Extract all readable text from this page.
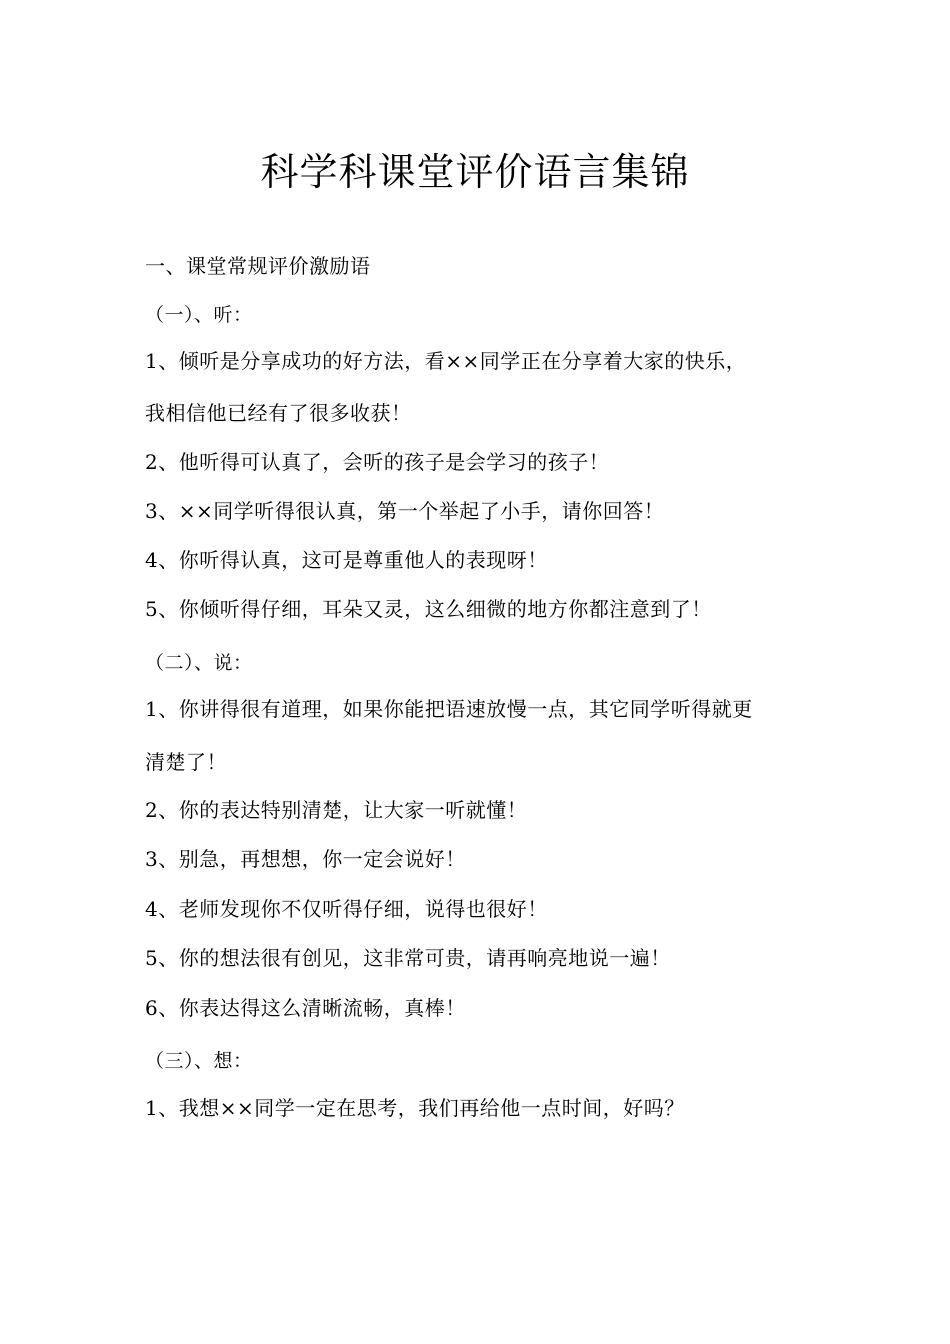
科学科课堂评价语言集锦
一、课堂常规评价激励语
（一）、听：
1、倾听是分享成功的好方法，看××同学正在分享着大家的快乐，
我相信他已经有了很多收获！
2、他听得可认真了，会听的孩子是会学习的孩子！
3、××同学听得很认真，第一个举起了小手，请你回答！
4、你听得认真，这可是尊重他人的表现呀！
5、你倾听得仔细，耳朵又灵，这么细微的地方你都注意到了！
（二）、说：
1、你讲得很有道理，如果你能把语速放慢一点，其它同学听得就更
清楚了！
2、你的表达特别清楚，让大家一听就懂！
3、别急，再想想，你一定会说好！
4、老师发现你不仅听得仔细，说得也很好！
5、你的想法很有创见，这非常可贵，请再响亮地说一遍！
6、你表达得这么清晰流畅，真棒！
（三）、想：
1、我想××同学一定在思考，我们再给他一点时间，好吗？
